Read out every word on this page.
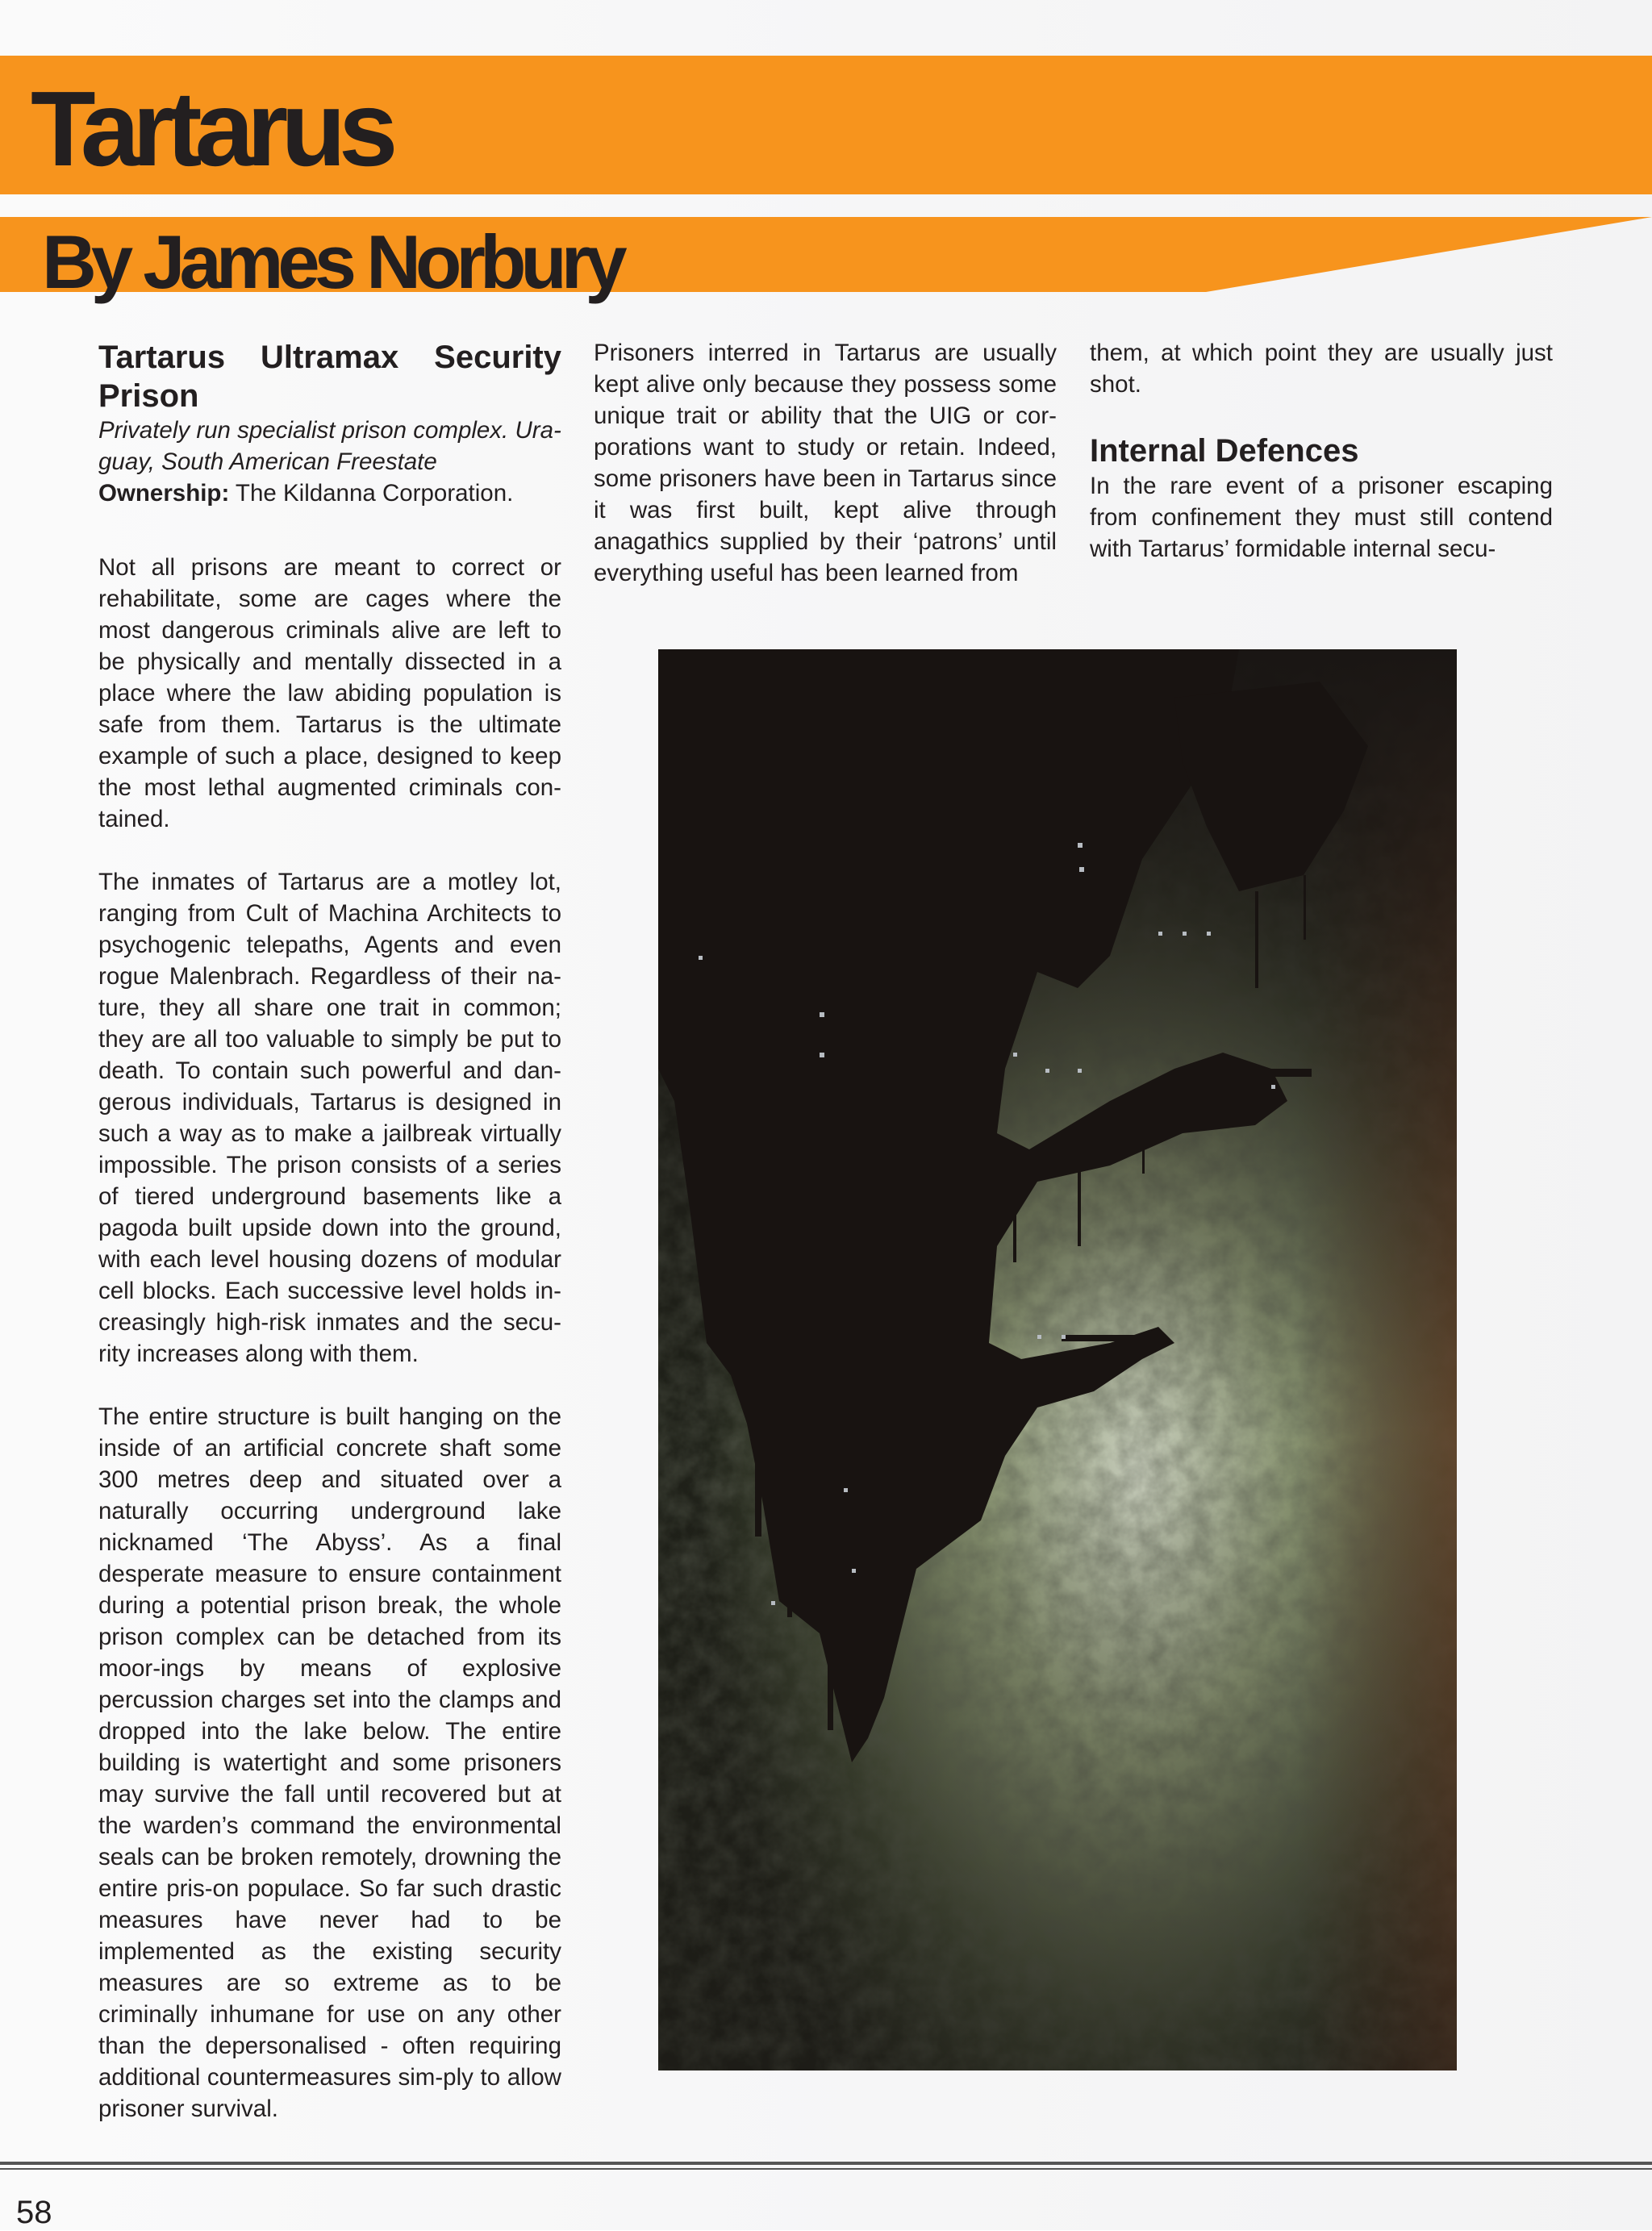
Tartarus
By James Norbury

Tartarus Ultramax Security

Prison

Privately run specialist prison complex. Ura-
guay, South American Freestate

Ownership: The Kildanna Corporation.

Not all prisons are meant to correct or rehabilitate, some are cages where the most dangerous criminals alive are left to be physically and mentally dissected in a place where the law abiding population is safe from them. Tartarus is the ultimate example of such a place, designed to keep the most lethal augmented criminals con-tained.

The inmates of Tartarus are a motley lot, ranging from Cult of Machina Architects to psychogenic telepaths, Agents and even rogue Malenbrach. Regardless of their na-ture, they all share one trait in common; they are all too valuable to simply be put to death. To contain such powerful and dan-gerous individuals, Tartarus is designed in such a way as to make a jailbreak virtually impossible. The prison consists of a series of tiered underground basements like a pagoda built upside down into the ground, with each level housing dozens of modular cell blocks. Each successive level holds in-creasingly high-risk inmates and the secu-rity increases along with them.

The entire structure is built hanging on the inside of an artificial concrete shaft some 300 metres deep and situated over a naturally occurring underground lake nicknamed ‘The Abyss’. As a final desperate measure to ensure containment during a potential prison break, the whole prison complex can be detached from its moor-ings by means of explosive percussion charges set into the clamps and dropped into the lake below. The entire building is watertight and some prisoners may survive the fall until recovered but at the warden’s command the environmental seals can be broken remotely, drowning the entire pris-on populace. So far such drastic measures have never had to be implemented as the existing security measures are so extreme as to be criminally inhumane for use on any other than the depersonalised - often requiring additional countermeasures sim-ply to allow prisoner survival.

Prisoners interred in Tartarus are usually kept alive only because they possess some unique trait or ability that the UIG or cor-porations want to study or retain. Indeed, some prisoners have been in Tartarus since it was first built, kept alive through anagathics supplied by their ‘patrons’ until everything useful has been learned from

them, at which point they are usually just shot.

Internal Defences

In the rare event of a prisoner escaping from confinement they must still contend with Tartarus’ formidable internal secu-

58
